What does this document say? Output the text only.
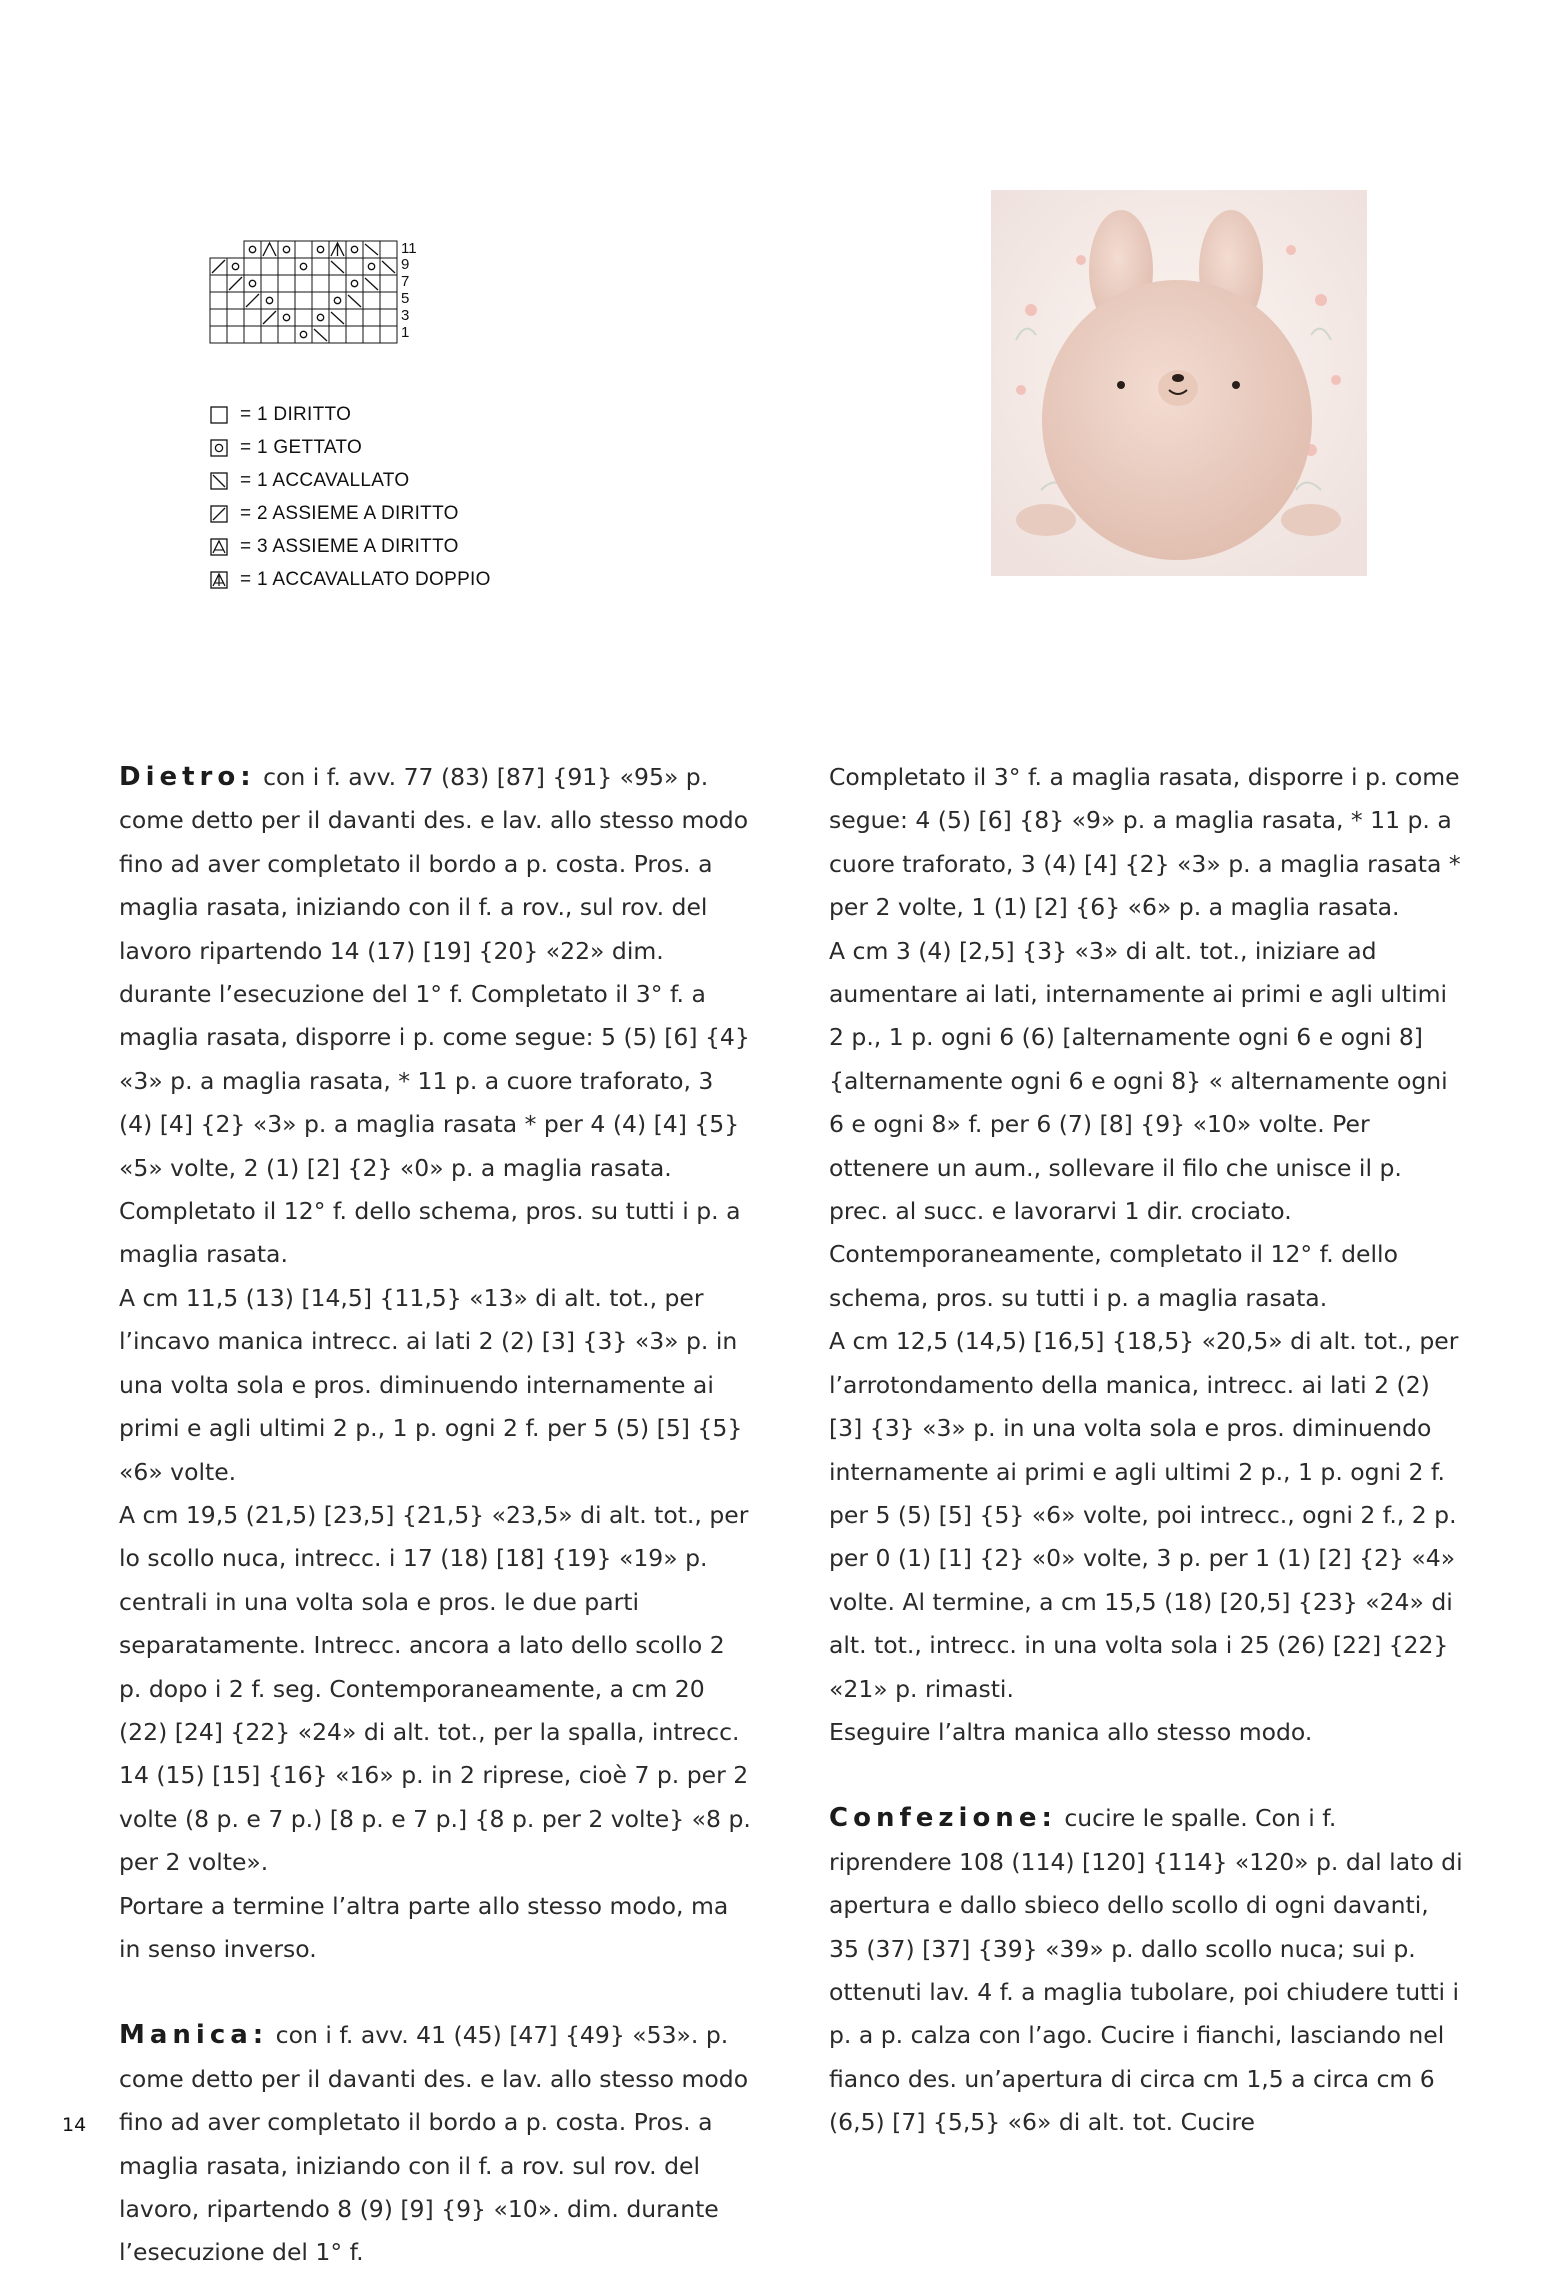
11
9
7
5
3
1
= 1 DIRITTO
= 1 GETTATO
= 1 ACCAVALLATO
= 2 ASSIEME A DIRITTO
= 3 ASSIEME A DIRITTO
= 1 ACCAVALLATO DOPPIO

Dietro: con i f. avv. 77 (83) [87] {91} «95» p. come detto per il davanti des. e lav. allo stesso modo fino ad aver completato il bordo a p. costa. Pros. a maglia rasata, iniziando con il f. a rov., sul rov. del lavoro ripartendo 14 (17) [19] {20} «22» dim. durante l’esecuzione del 1° f. Completato il 3° f. a maglia rasata, disporre i p. come segue: 5 (5) [6] {4} «3» p. a maglia rasata, * 11 p. a cuore traforato, 3 (4) [4] {2} «3» p. a maglia rasata * per 4 (4) [4] {5} «5» volte, 2 (1) [2] {2} «0» p. a maglia rasata.

Completato il 12° f. dello schema, pros. su tutti i p. a maglia rasata.

A cm 11,5 (13) [14,5] {11,5} «13» di alt. tot., per l’incavo manica intrecc. ai lati 2 (2) [3] {3} «3» p. in una volta sola e pros. diminuendo internamente ai primi e agli ultimi 2 p., 1 p. ogni 2 f. per 5 (5) [5] {5} «6» volte.

A cm 19,5 (21,5) [23,5] {21,5} «23,5» di alt. tot., per lo scollo nuca, intrecc. i 17 (18) [18] {19} «19» p. centrali in una volta sola e pros. le due parti separatamente. Intrecc. ancora a lato dello scollo 2 p. dopo i 2 f. seg. Contemporaneamente, a cm 20 (22) [24] {22} «24» di alt. tot., per la spalla, intrecc. 14 (15) [15] {16} «16» p. in 2 riprese, cioè 7 p. per 2 volte (8 p. e 7 p.) [8 p. e 7 p.] {8 p. per 2 volte} «8 p. per 2 volte».

Portare a termine l’altra parte allo stesso modo, ma in senso inverso.

Manica: con i f. avv. 41 (45) [47] {49} «53». p. come detto per il davanti des. e lav. allo stesso modo fino ad aver completato il bordo a p. costa. Pros. a maglia rasata, iniziando con il f. a rov. sul rov. del lavoro, ripartendo 8 (9) [9] {9} «10». dim. durante l’esecuzione del 1° f.

Completato il 3° f. a maglia rasata, disporre i p. come segue: 4 (5) [6] {8} «9» p. a maglia rasata, * 11 p. a cuore traforato, 3 (4) [4] {2} «3» p. a maglia rasata * per 2 volte, 1 (1) [2] {6} «6» p. a maglia rasata.

A cm 3 (4) [2,5] {3} «3» di alt. tot., iniziare ad aumentare ai lati, internamente ai primi e agli ultimi 2 p., 1 p. ogni 6 (6) [alternamente ogni 6 e ogni 8] {alternamente ogni 6 e ogni 8} « alternamente ogni 6 e ogni 8» f. per 6 (7) [8] {9} «10» volte. Per ottenere un aum., sollevare il filo che unisce il p. prec. al succ. e lavorarvi 1 dir. crociato. Contemporaneamente, completato il 12° f. dello schema, pros. su tutti i p. a maglia rasata.

A cm 12,5 (14,5) [16,5] {18,5} «20,5» di alt. tot., per l’arrotondamento della manica, intrecc. ai lati 2 (2) [3] {3} «3» p. in una volta sola e pros. diminuendo internamente ai primi e agli ultimi 2 p., 1 p. ogni 2 f. per 5 (5) [5] {5} «6» volte, poi intrecc., ogni 2 f., 2 p. per 0 (1) [1] {2} «0» volte, 3 p. per 1 (1) [2] {2} «4» volte. Al termine, a cm 15,5 (18) [20,5] {23} «24» di alt. tot., intrecc. in una volta sola i 25 (26) [22] {22} «21» p. rimasti.

Eseguire l’altra manica allo stesso modo.

Confezione: cucire le spalle. Con i f. riprendere 108 (114) [120] {114} «120» p. dal lato di apertura e dallo sbieco dello scollo di ogni davanti, 35 (37) [37] {39} «39» p. dallo scollo nuca; sui p. ottenuti lav. 4 f. a maglia tubolare, poi chiudere tutti i p. a p. calza con l’ago. Cucire i fianchi, lasciando nel fianco des. un’apertura di circa cm 1,5 a circa cm 6 (6,5) [7] {5,5} «6» di alt. tot. Cucire

14
